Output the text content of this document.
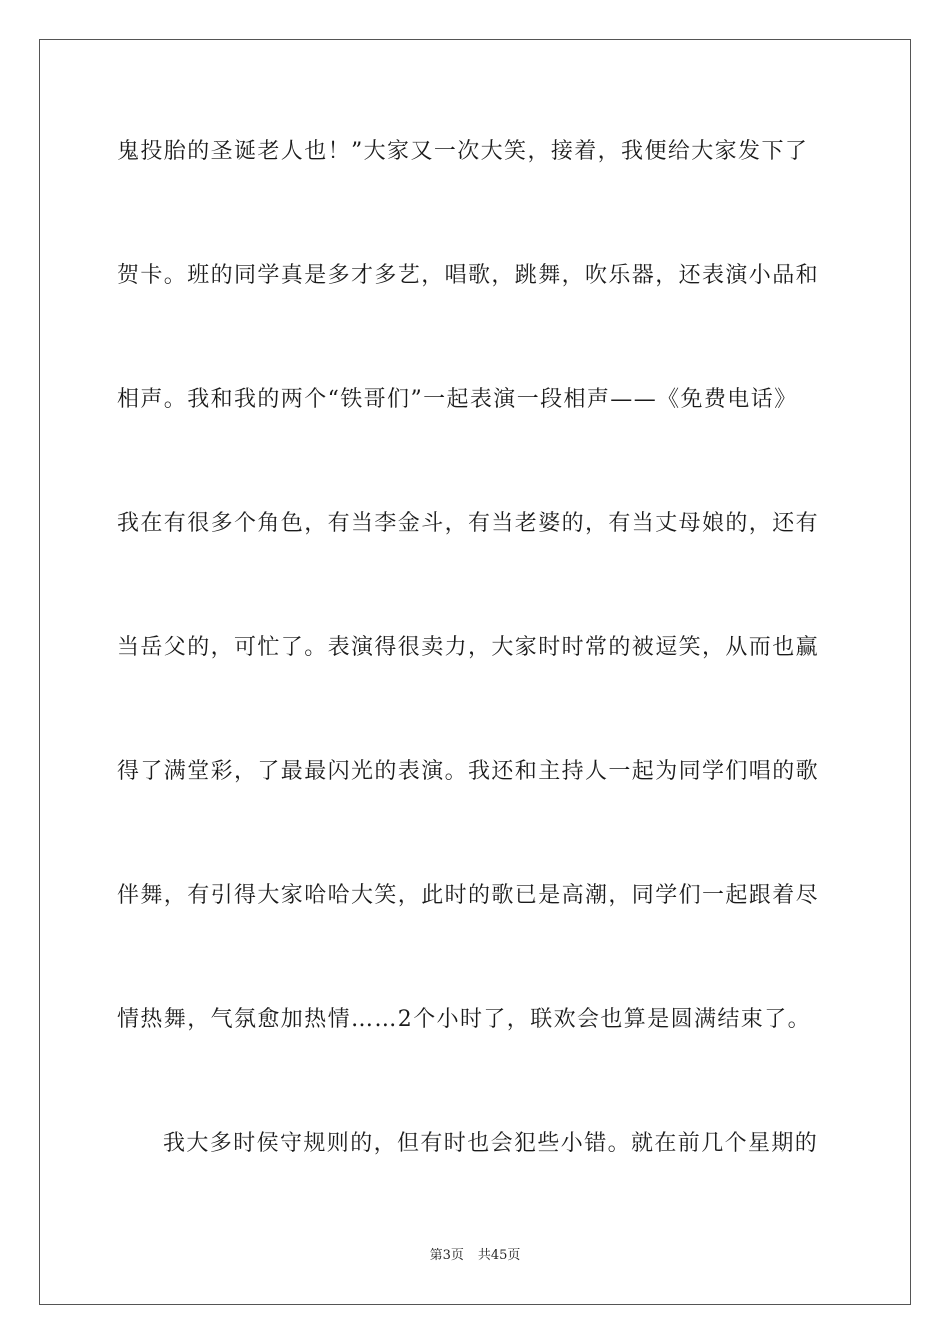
鬼投胎的圣诞老人也！”大家又一次大笑，接着，我便给大家发下了
贺卡。班的同学真是多才多艺，唱歌，跳舞，吹乐器，还表演小品和
相声。我和我的两个“铁哥们”一起表演一段相声——《免费电话》
我在有很多个角色，有当李金斗，有当老婆的，有当丈母娘的，还有
当岳父的，可忙了。表演得很卖力，大家时时常的被逗笑，从而也赢
得了满堂彩，了最最闪光的表演。我还和主持人一起为同学们唱的歌
伴舞，有引得大家哈哈大笑，此时的歌已是高潮，同学们一起跟着尽
情热舞，气氛愈加热情……2个小时了，联欢会也算是圆满结束了。
我大多时侯守规则的，但有时也会犯些小错。就在前几个星期的
第3页 共45页
